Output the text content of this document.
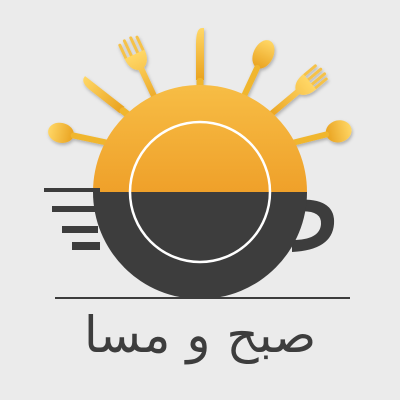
صبح و مسا
